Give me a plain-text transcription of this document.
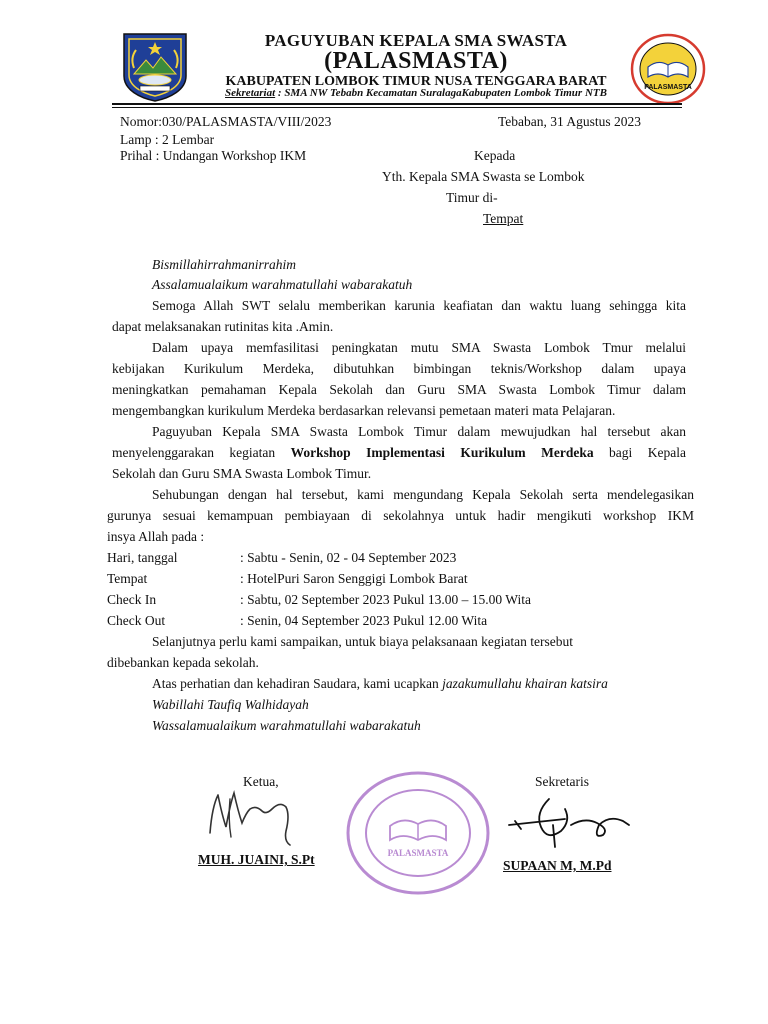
PAGUYUBAN KEPALA SMA SWASTA
(PALASMASTA)
KABUPATEN LOMBOK TIMUR NUSA TENGGARA BARAT
Sekretariat : SMA NW Tebabn Kecamatan SuralagaKabupaten Lombok Timur NTB	PALASMASTA
Nomor:030/PALASMASTA/VIII/2023	Tebaban, 31 Agustus 2023
Lamp : 2 Lembar
Prihal : Undangan Workshop IKM	Kepada
Yth. Kepala SMA Swasta se Lombok
Timur di-
Tempat
Bismillahirrahmanirrahim
Assalamualaikum warahmatullahi wabarakatuh
Semoga Allah SWT selalu memberikan karunia keafiatan dan waktu luang sehingga kita
dapat melaksanakan rutinitas kita .Amin.
Dalam upaya memfasilitasi peningkatan mutu SMA Swasta Lombok Tmur melalui
kebijakan Kurikulum Merdeka, dibutuhkan bimbingan teknis/Workshop dalam upaya
meningkatkan pemahaman Kepala Sekolah dan Guru SMA Swasta Lombok Timur dalam
mengembangkan kurikulum Merdeka berdasarkan relevansi pemetaan materi mata Pelajaran.
Paguyuban Kepala SMA Swasta Lombok Timur dalam mewujudkan hal tersebut akan
menyelenggarakan kegiatan Workshop Implementasi Kurikulum Merdeka bagi Kepala
Sekolah dan Guru SMA Swasta Lombok Timur.
Sehubungan dengan hal tersebut, kami mengundang Kepala Sekolah serta mendelegasikan
gurunya sesuai kemampuan pembiayaan di sekolahnya untuk hadir mengikuti workshop IKM
insya Allah pada :
Hari, tanggal	: Sabtu - Senin, 02 - 04 September 2023
Tempat	: HotelPuri Saron Senggigi Lombok Barat
Check In	: Sabtu, 02 September 2023 Pukul 13.00 – 15.00 Wita
Check Out	: Senin, 04 September 2023 Pukul 12.00 Wita
Selanjutnya perlu kami sampaikan, untuk biaya pelaksanaan kegiatan tersebut
dibebankan kepada sekolah.
Atas perhatian dan kehadiran Saudara, kami ucapkan jazakumullahu khairan katsira
Wabillahi Taufiq Walhidayah
Wassalamualaikum warahmatullahi wabarakatuh
Ketua,
MUH. JUAINI, S.Pt	PALASMASTA
Sekretaris
SUPAAN M, M.Pd
